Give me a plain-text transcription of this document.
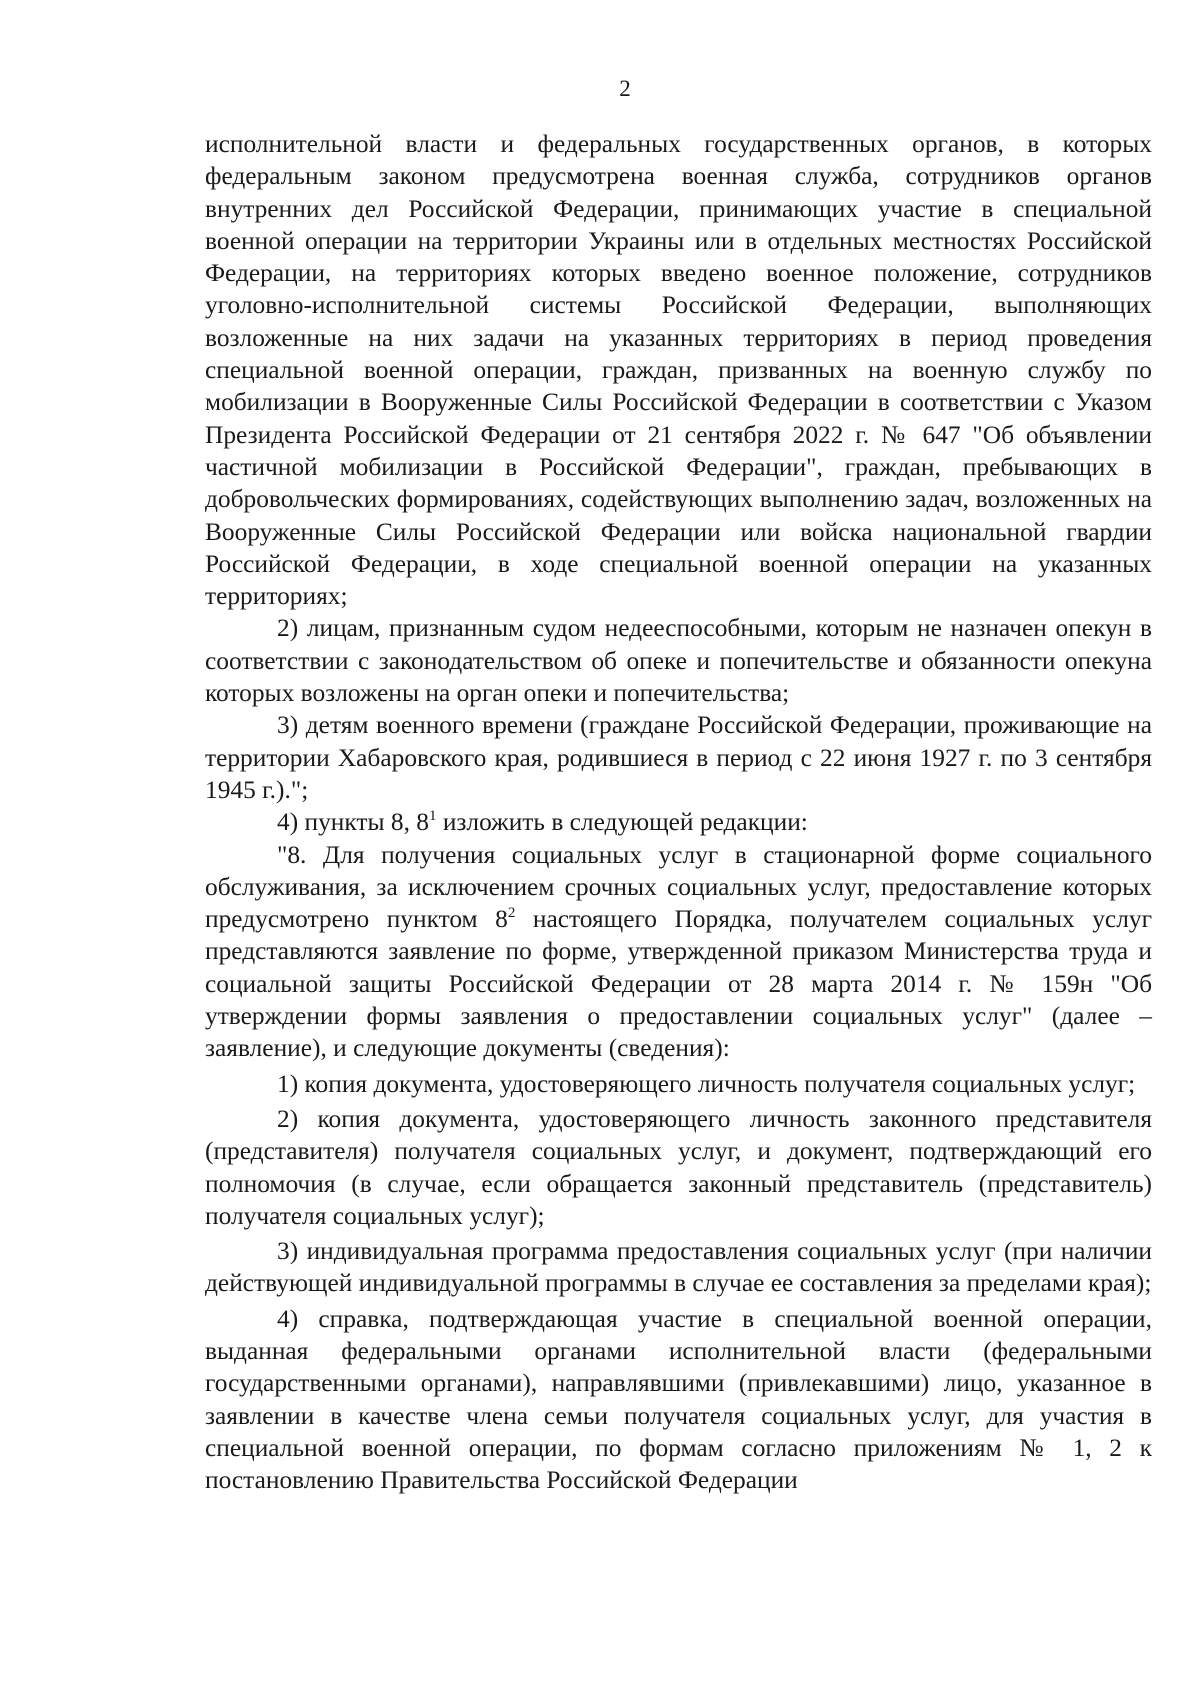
2

исполнительной власти и федеральных государственных органов, в которых федеральным законом предусмотрена военная служба, сотрудников органов внутренних дел Российской Федерации, принимающих участие в специальной военной операции на территории Украины или в отдельных местностях Российской Федерации, на территориях которых введено военное положение, сотрудников уголовно-исполнительной системы Российской Федерации, выполняющих возложенные на них задачи на указанных территориях в период проведения специальной военной операции, граждан, призванных на военную службу по мобилизации в Вооруженные Силы Российской Федерации в соответствии с Указом Президента Российской Федерации от 21 сентября 2022 г. № 647 "Об объявлении частичной мобилизации в Российской Федерации", граждан, пребывающих в добровольческих формированиях, содействующих выполнению задач, возложенных на Вооруженные Силы Российской Федерации или войска национальной гвардии Российской Федерации, в ходе специальной военной операции на указанных территориях;

2) лицам, признанным судом недееспособными, которым не назначен опекун в соответствии с законодательством об опеке и попечительстве и обязанности опекуна которых возложены на орган опеки и попечительства;

3) детям военного времени (граждане Российской Федерации, проживающие на территории Хабаровского края, родившиеся в период с 22 июня 1927 г. по 3 сентября 1945 г.).";

4) пункты 8, $8^1$ изложить в следующей редакции:

"8. Для получения социальных услуг в стационарной форме социального обслуживания, за исключением срочных социальных услуг, предоставление которых предусмотрено пунктом $8^2$ настоящего Порядка, получателем социальных услуг представляются заявление по форме, утвержденной приказом Министерства труда и социальной защиты Российской Федерации от 28 марта 2014 г. № 159н "Об утверждении формы заявления о предоставлении социальных услуг" (далее – заявление), и следующие документы (сведения):

1) копия документа, удостоверяющего личность получателя социальных услуг;

2) копия документа, удостоверяющего личность законного представителя (представителя) получателя социальных услуг, и документ, подтверждающий его полномочия (в случае, если обращается законный представитель (представитель) получателя социальных услуг);

3) индивидуальная программа предоставления социальных услуг (при наличии действующей индивидуальной программы в случае ее составления за пределами края);

4) справка, подтверждающая участие в специальной военной операции, выданная федеральными органами исполнительной власти (федеральными государственными органами), направлявшими (привлекавшими) лицо, указанное в заявлении в качестве члена семьи получателя социальных услуг, для участия в специальной военной операции, по формам согласно приложениям № 1, 2 к постановлению Правительства Российской Федерации
